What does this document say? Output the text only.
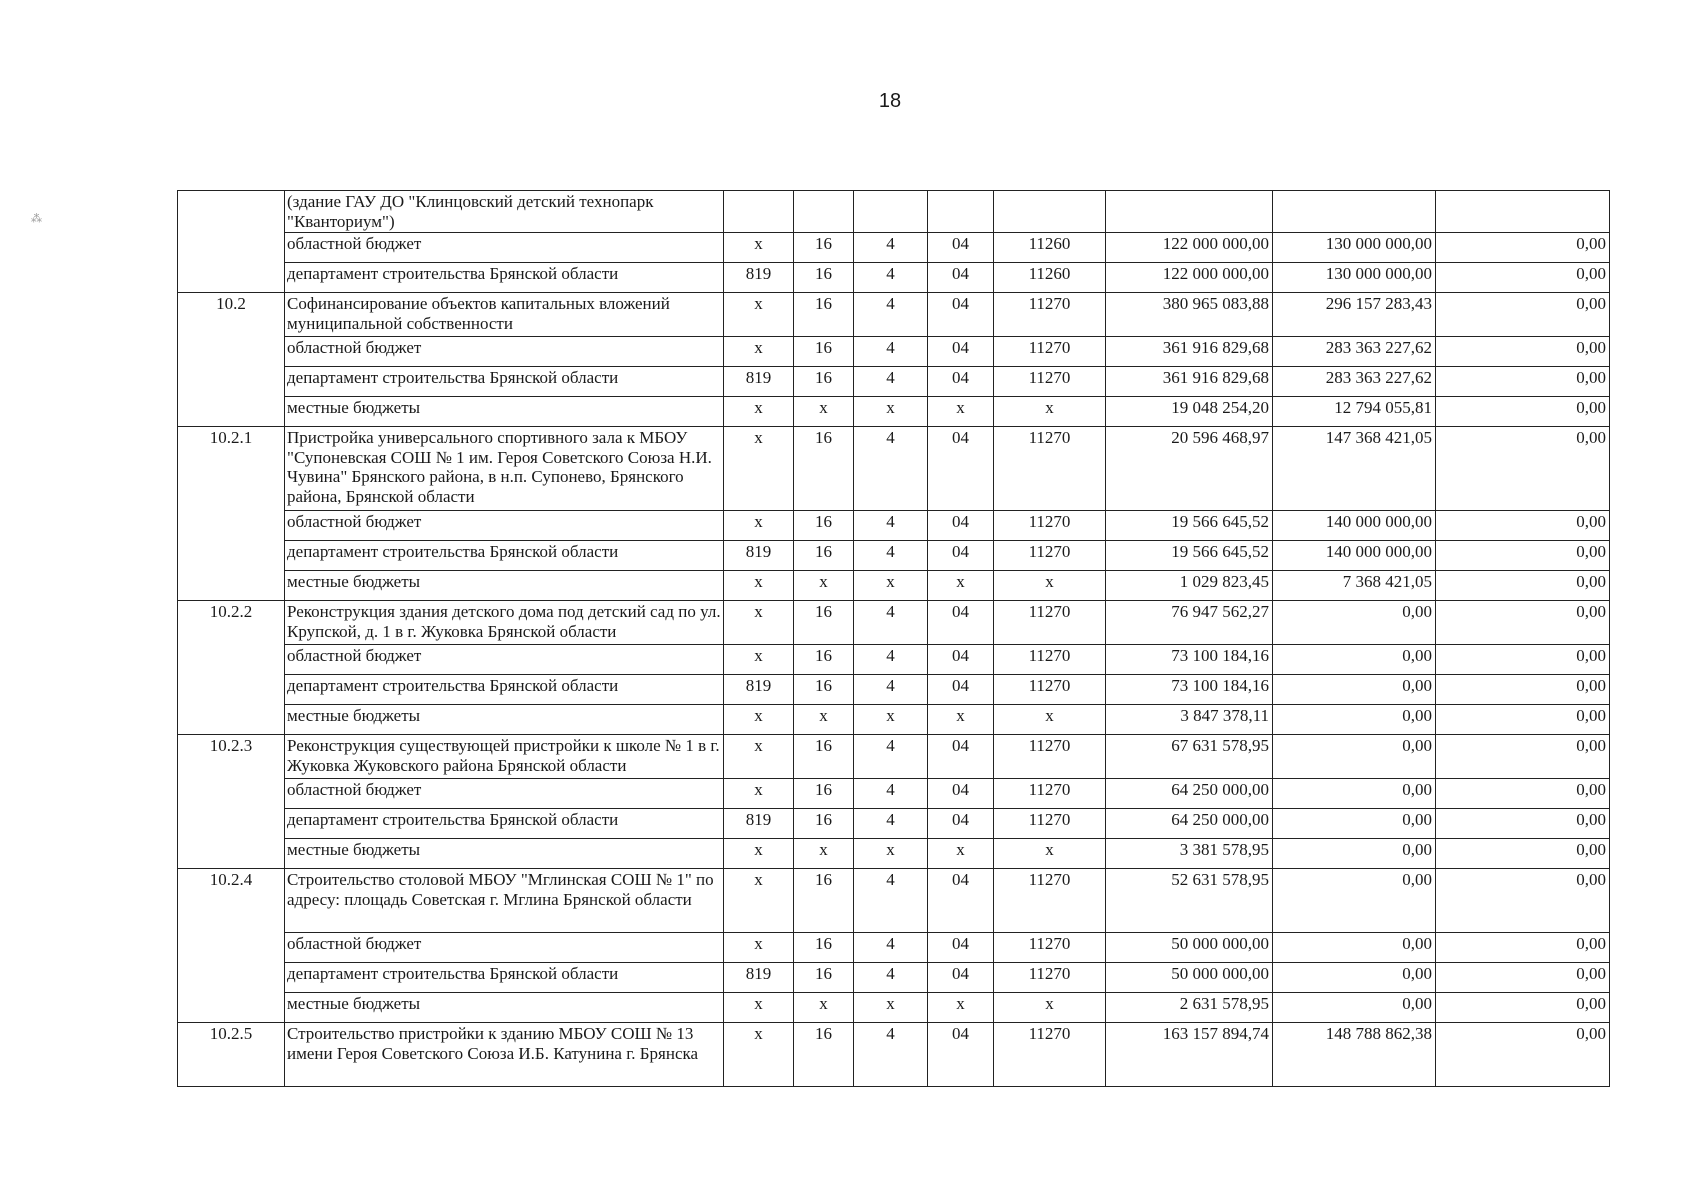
18
⁂
	(здание ГАУ ДО "Клинцовский детский технопарк "Кванториум")								
	областной бюджет	х	16	4	04	11260	122 000 000,00	130 000 000,00	0,00
	департамент строительства Брянской области	819	16	4	04	11260	122 000 000,00	130 000 000,00	0,00
10.2	Софинансирование объектов капитальных вложений муниципальной собственности	х	16	4	04	11270	380 965 083,88	296 157 283,43	0,00
	областной бюджет	х	16	4	04	11270	361 916 829,68	283 363 227,62	0,00
	департамент строительства Брянской области	819	16	4	04	11270	361 916 829,68	283 363 227,62	0,00
	местные бюджеты	х	х	х	х	х	19 048 254,20	12 794 055,81	0,00
10.2.1	Пристройка универсального спортивного зала к МБОУ "Супоневская СОШ № 1 им. Героя Советского Союза Н.И. Чувина" Брянского района, в н.п. Супонево, Брянского района, Брянской области	х	16	4	04	11270	20 596 468,97	147 368 421,05	0,00
	областной бюджет	х	16	4	04	11270	19 566 645,52	140 000 000,00	0,00
	департамент строительства Брянской области	819	16	4	04	11270	19 566 645,52	140 000 000,00	0,00
	местные бюджеты	х	х	х	х	х	1 029 823,45	7 368 421,05	0,00
10.2.2	Реконструкция здания детского дома под детский сад по ул. Крупской, д. 1 в г. Жуковка Брянской области	х	16	4	04	11270	76 947 562,27	0,00	0,00
	областной бюджет	х	16	4	04	11270	73 100 184,16	0,00	0,00
	департамент строительства Брянской области	819	16	4	04	11270	73 100 184,16	0,00	0,00
	местные бюджеты	х	х	х	х	х	3 847 378,11	0,00	0,00
10.2.3	Реконструкция существующей пристройки к школе № 1 в г. Жуковка Жуковского района Брянской области	х	16	4	04	11270	67 631 578,95	0,00	0,00
	областной бюджет	х	16	4	04	11270	64 250 000,00	0,00	0,00
	департамент строительства Брянской области	819	16	4	04	11270	64 250 000,00	0,00	0,00
	местные бюджеты	х	х	х	х	х	3 381 578,95	0,00	0,00
10.2.4	Строительство столовой МБОУ "Мглинская СОШ № 1" по адресу: площадь Советская г. Мглина Брянской области	х	16	4	04	11270	52 631 578,95	0,00	0,00
	областной бюджет	х	16	4	04	11270	50 000 000,00	0,00	0,00
	департамент строительства Брянской области	819	16	4	04	11270	50 000 000,00	0,00	0,00
	местные бюджеты	х	х	х	х	х	2 631 578,95	0,00	0,00
10.2.5	Строительство пристройки к зданию МБОУ СОШ № 13 имени Героя Советского Союза И.Б. Катунина г. Брянска	х	16	4	04	11270	163 157 894,74	148 788 862,38	0,00
